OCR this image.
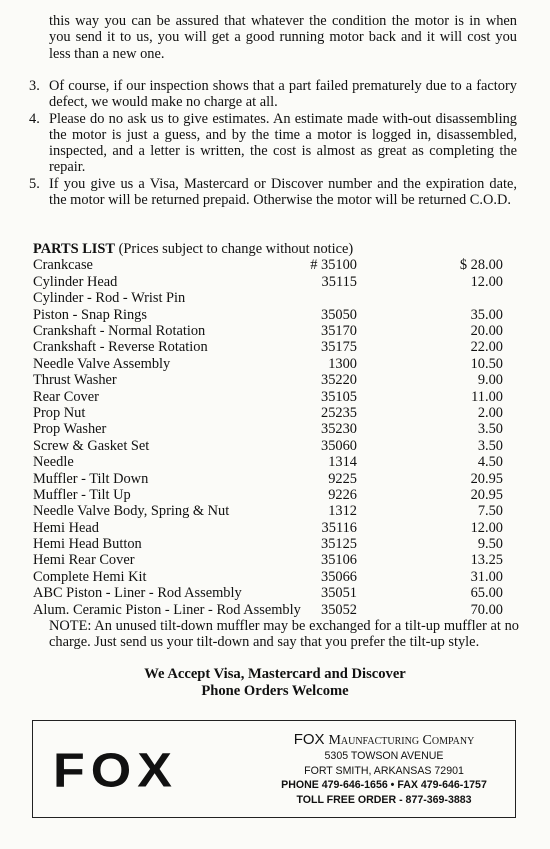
this way you can be assured that whatever the condition the motor is in when you send it to us, you will get a good running motor back and it will cost you less than a new one.

3. Of course, if our inspection shows that a part failed prematurely due to a factory defect, we would make no charge at all.
4. Please do no ask us to give estimates. An estimate made with-out disassembling the motor is just a guess, and by the time a motor is logged in, disassembled, inspected, and a letter is written, the cost is almost as great as completing the repair.
5. If you give us a Visa, Mastercard or Discover number and the expiration date, the motor will be returned prepaid. Otherwise the motor will be returned C.O.D.
PARTS LIST (Prices subject to change without notice)
Crankcase	# 35100	$ 28.00
Cylinder Head	35115	12.00
Cylinder - Rod - Wrist Pin
Piston - Snap Rings	35050	35.00
Crankshaft - Normal Rotation	35170	20.00
Crankshaft - Reverse Rotation	35175	22.00
Needle Valve Assembly	1300	10.50
Thrust Washer	35220	9.00
Rear Cover	35105	11.00
Prop Nut	25235	2.00
Prop Washer	35230	3.50
Screw & Gasket Set	35060	3.50
Needle	1314	4.50
Muffler - Tilt Down	9225	20.95
Muffler - Tilt Up	9226	20.95
Needle Valve Body, Spring & Nut	1312	7.50
Hemi Head	35116	12.00
Hemi Head Button	35125	9.50
Hemi Rear Cover	35106	13.25
Complete Hemi Kit	35066	31.00
ABC Piston - Liner - Rod Assembly	35051	65.00
Alum. Ceramic Piston - Liner - Rod Assembly	35052	70.00
NOTE: An unused tilt-down muffler may be exchanged for a tilt-up muffler at no charge. Just send us your tilt-down and say that you prefer the tilt-up style.
We Accept Visa, Mastercard and Discover
Phone Orders Welcome
FOX
FOX Maunfacturing Company
5305 TOWSON AVENUE
FORT SMITH, ARKANSAS 72901
PHONE 479-646-1656 • FAX 479-646-1757
TOLL FREE ORDER - 877-369-3883
